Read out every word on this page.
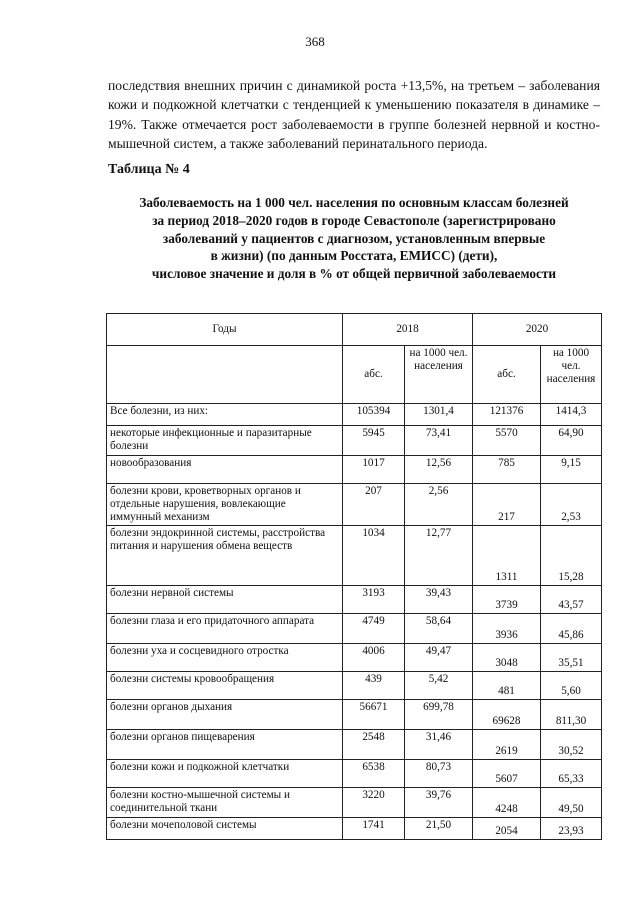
368

последствия внешних причин с динамикой роста +13,5%, на третьем – заболевания кожи и подкожной клетчатки с тенденцией к уменьшению показателя в динамике – 19%. Также отмечается рост заболеваемости в группе болезней нервной и костно-мышечной систем, а также заболеваний перинатального периода.

Таблица № 4
Заболеваемость на 1 000 чел. населения по основным классам болезней
за период 2018–2020 годов в городе Севастополе (зарегистрировано
заболеваний у пациентов с диагнозом, установленным впервые
в жизни) (по данным Росстата, ЕМИСС) (дети),
числовое значение и доля в % от общей первичной заболеваемости
Годы	2018		2020	
	абс.	на 1000 чел. населения	абс.	на 1000 чел. населения
Все болезни, из них:	105394	1301,4	121376	1414,3
некоторые инфекционные и паразитарные болезни	5945	73,41	5570	64,90
новообразования	1017	12,56	785	9,15
болезни крови, кроветворных органов и отдельные нарушения, вовлекающие иммунный механизм	207	2,56	217	2,53
болезни эндокринной системы, расстройства питания и нарушения обмена веществ	1034	12,77	1311	15,28
болезни нервной системы	3193	39,43	3739	43,57
болезни глаза и его придаточного аппарата	4749	58,64	3936	45,86
болезни уха и сосцевидного отростка	4006	49,47	3048	35,51
болезни системы кровообращения	439	5,42	481	5,60
болезни органов дыхания	56671	699,78	69628	811,30
болезни органов пищеварения	2548	31,46	2619	30,52
болезни кожи и подкожной клетчатки	6538	80,73	5607	65,33
болезни костно-мышечной системы и соединительной ткани	3220	39,76	4248	49,50
болезни мочеполовой системы	1741	21,50	2054	23,93
